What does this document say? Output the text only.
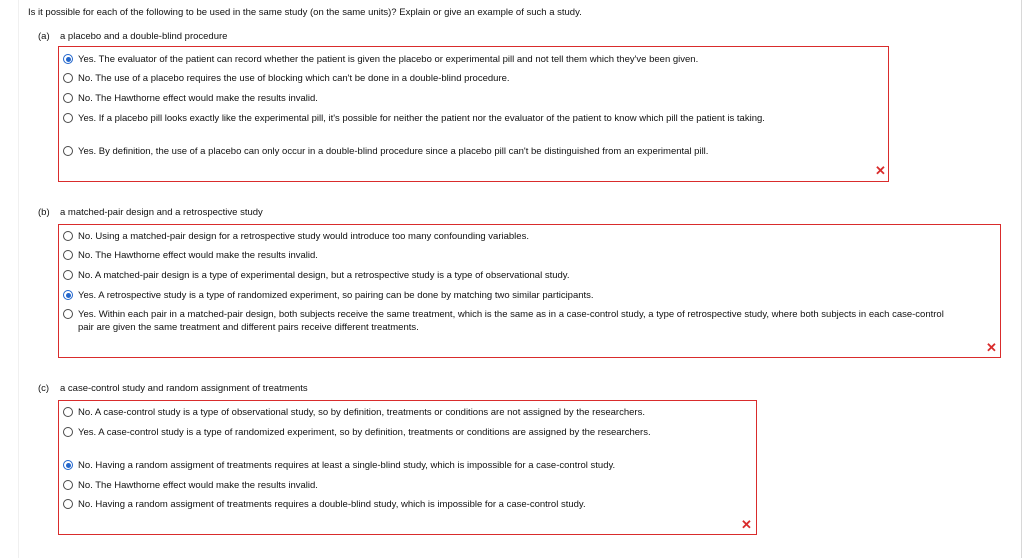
Is it possible for each of the following to be used in the same study (on the same units)? Explain or give an example of such a study.
(a) a placebo and a double-blind procedure
Yes. The evaluator of the patient can record whether the patient is given the placebo or experimental pill and not tell them which they've been given.
No. The use of a placebo requires the use of blocking which can't be done in a double-blind procedure.
No. The Hawthorne effect would make the results invalid.
Yes. If a placebo pill looks exactly like the experimental pill, it's possible for neither the patient nor the evaluator of the patient to know which pill the patient is taking.
Yes. By definition, the use of a placebo can only occur in a double-blind procedure since a placebo pill can't be distinguished from an experimental pill.
✕
(b) a matched-pair design and a retrospective study
No. Using a matched-pair design for a retrospective study would introduce too many confounding variables.
No. The Hawthorne effect would make the results invalid.
No. A matched-pair design is a type of experimental design, but a retrospective study is a type of observational study.
Yes. A retrospective study is a type of randomized experiment, so pairing can be done by matching two similar participants.
Yes. Within each pair in a matched-pair design, both subjects receive the same treatment, which is the same as in a case-control study, a type of retrospective study, where both subjects in each case-control pair are given the same treatment and different pairs receive different treatments.
✕
(c) a case-control study and random assignment of treatments
No. A case-control study is a type of observational study, so by definition, treatments or conditions are not assigned by the researchers.
Yes. A case-control study is a type of randomized experiment, so by definition, treatments or conditions are assigned by the researchers.
No. Having a random assigment of treatments requires at least a single-blind study, which is impossible for a case-control study.
No. The Hawthorne effect would make the results invalid.
No. Having a random assigment of treatments requires a double-blind study, which is impossible for a case-control study.
✕
